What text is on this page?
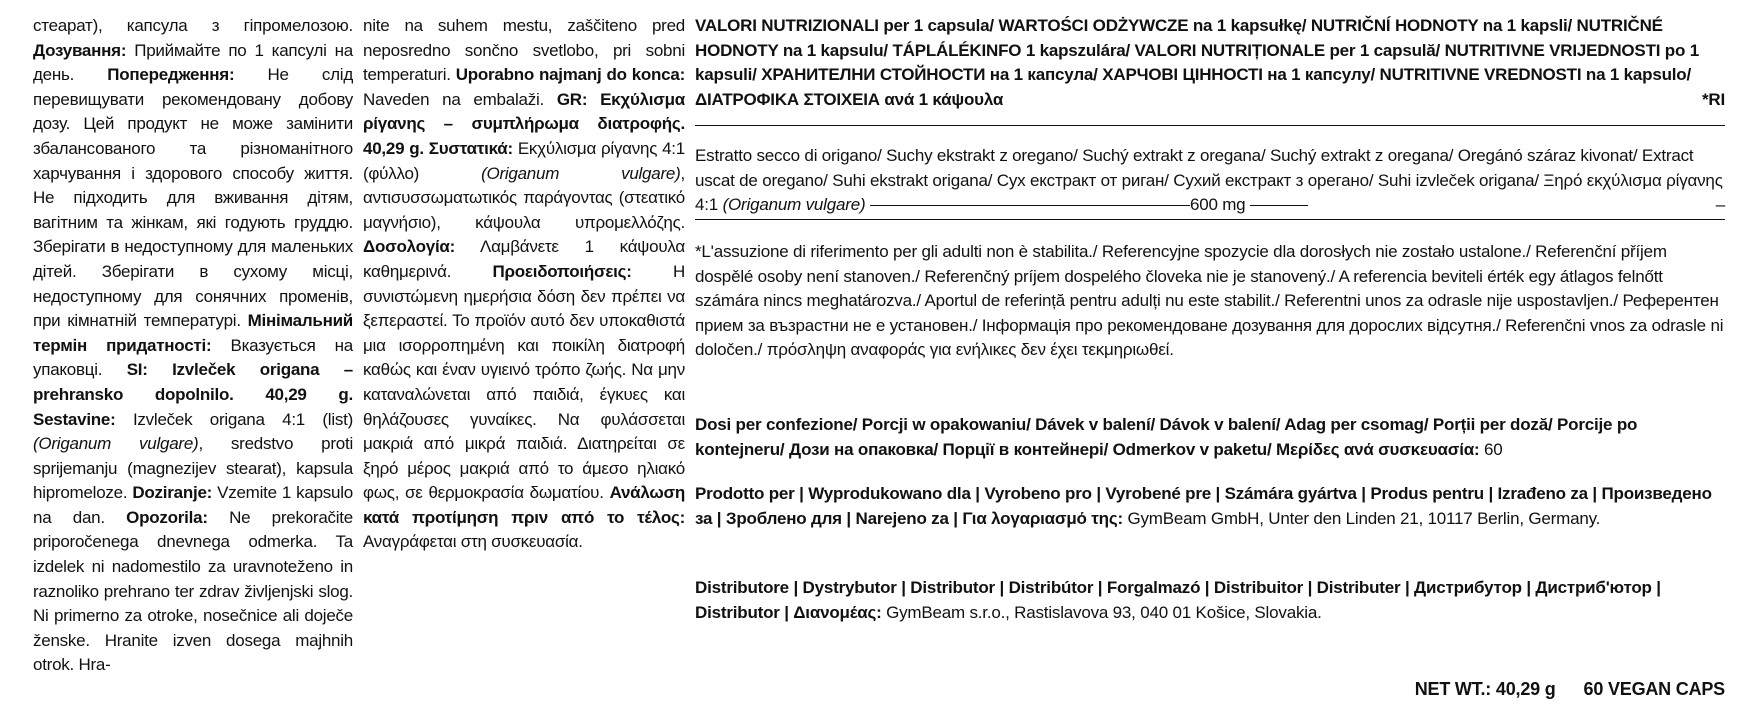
стеарат), капсула з гіпромелозою. Дозування: Приймайте по 1 капсулі на день. Попередження: Не слід перевищувати рекомендовану добову дозу. Цей продукт не може замінити збалансованого та різноманітного харчування і здорового способу життя. Не підходить для вживання дітям, вагітним та жінкам, які годують груддю. Зберігати в недоступному для маленьких дітей. Зберігати в сухому місці, недоступному для сонячних променів, при кімнатній температурі. Мінімальний термін придатності: Вказується на упаковці. SI: Izvleček origana – prehransko dopolnilo. 40,29 g. Sestavine: Izvleček origana 4:1 (list) (Origanum vulgare), sredstvo proti sprijemanju (magnezijev stearat), kapsula hipromeloze. Doziranje: Vzemite 1 kapsulo na dan. Opozorila: Ne prekoračite priporočenega dnevnega odmerka. Ta izdelek ni nadomestilo za uravnoteženo in raznoliko prehrano ter zdrav življenjski slog. Ni primerno za otroke, nosečnice ali doječe ženske. Hranite izven dosega majhnih otrok. Hra-

nite na suhem mestu, zaščiteno pred neposredno sončno svetlobo, pri sobni temperaturi. Uporabno najmanj do konca: Naveden na embalaži. GR: Εκχύλισμα ρίγανης – συμπλήρωμα διατροφής. 40,29 g. Συστατικά: Εκχύλισμα ρίγανης 4:1 (φύλλο) (Origanum vulgare), αντισυσσωματωτικός παράγοντας (στεατικό μαγνήσιο), κάψουλα υπρομελλόζης. Δοσολογία: Λαμβάνετε 1 κάψουλα καθημερινά. Προειδοποιήσεις: Η συνιστώμενη ημερήσια δόση δεν πρέπει να ξεπεραστεί. Το προϊόν αυτό δεν υποκαθιστά μια ισορροπημένη και ποικίλη διατροφή καθώς και έναν υγιεινό τρόπο ζωής. Να μην καταναλώνεται από παιδιά, έγκυες και θηλάζουσες γυναίκες. Να φυλάσσεται μακριά από μικρά παιδιά. Διατηρείται σε ξηρό μέρος μακριά από το άμεσο ηλιακό φως, σε θερμοκρασία δωματίου. Ανάλωση κατά προτίμηση πριν από το τέλος: Αναγράφεται στη συσκευασία.

VALORI NUTRIZIONALI per 1 capsula/ WARTOŚCI ODŻYWCZE na 1 kapsułkę/ NUTRIČNÍ HODNOTY na 1 kapsli/ NUTRIČNÉ HODNOTY na 1 kapsulu/ TÁPLÁLÉKINFO 1 kapszulára/ VALORI NUTRIȚIONALE per 1 capsulă/ NUTRITIVNE VRIJEDNOSTI po 1 kapsuli/ ХРАНИТЕЛНИ СТОЙНОСТИ на 1 капсула/ ХАРЧОВІ ЦІННОСТІ на 1 капсулу/ NUTRITIVNE VREDNOSTI na 1 kapsulo/ ΔΙΑΤΡΟΦΙΚΑ ΣΤΟΙΧΕΙΑ ανά 1 κάψουλα	*RI
Estratto secco di origano/ Suchy ekstrakt z oregano/ Suchý extrakt z oregana/ Suchý extrakt z oregana/ Oregánó száraz kivonat/ Extract uscat de oregano/ Suhi ekstrakt origana/ Сух екстракт от риган/ Сухий екстракт з орегано/ Suhi izvleček origana/ Ξηρό εκχύλισμα ρίγανης 4:1 (Origanum vulgare)	600 mg	–
*L'assuzione di riferimento per gli adulti non è stabilita./ Referencyjne spozycie dla dorosłych nie zostało ustalone./ Referenční příjem dospělé osoby není stanoven./ Referenčný príjem dospelého človeka nie je stanovený./ A referencia beviteli érték egy átlagos felnőtt számára nincs meghatározva./ Aportul de referință pentru adulți nu este stabilit./ Referentni unos za odrasle nije uspostavljen./ Референтен прием за възрастни не е установен./ Інформація про рекомендоване дозування для дорослих відсутня./ Referenčni vnos za odrasle ni določen./ πρόσληψη αναφοράς για ενήλικες δεν έχει τεκμηριωθεί.
Dosi per confezione/ Porcji w opakowaniu/ Dávek v balení/ Dávok v balení/ Adag per csomag/ Porții per doză/ Porcije po kontejneru/ Дози на опаковка/ Порції в контейнері/ Odmerkov v paketu/ Μερίδες ανά συσκευασία: 60
Prodotto per | Wyprodukowano dla | Vyrobeno pro | Vyrobené pre | Számára gyártva | Produs pentru | Izrađeno za | Произведено за | Зроблено для | Narejeno za | Για λογαριασμό της: GymBeam GmbH, Unter den Linden 21, 10117 Berlin, Germany.
Distributore | Dystrybutor | Distributor | Distribútor | Forgalmazó | Distribuitor | Distributer | Дистрибутор | Дистриб'ютор | Distributor | Διανομέας: GymBeam s.r.o., Rastislavova 93, 040 01 Košice, Slovakia.
NET WT.: 40,29 g 60 VEGAN CAPS
